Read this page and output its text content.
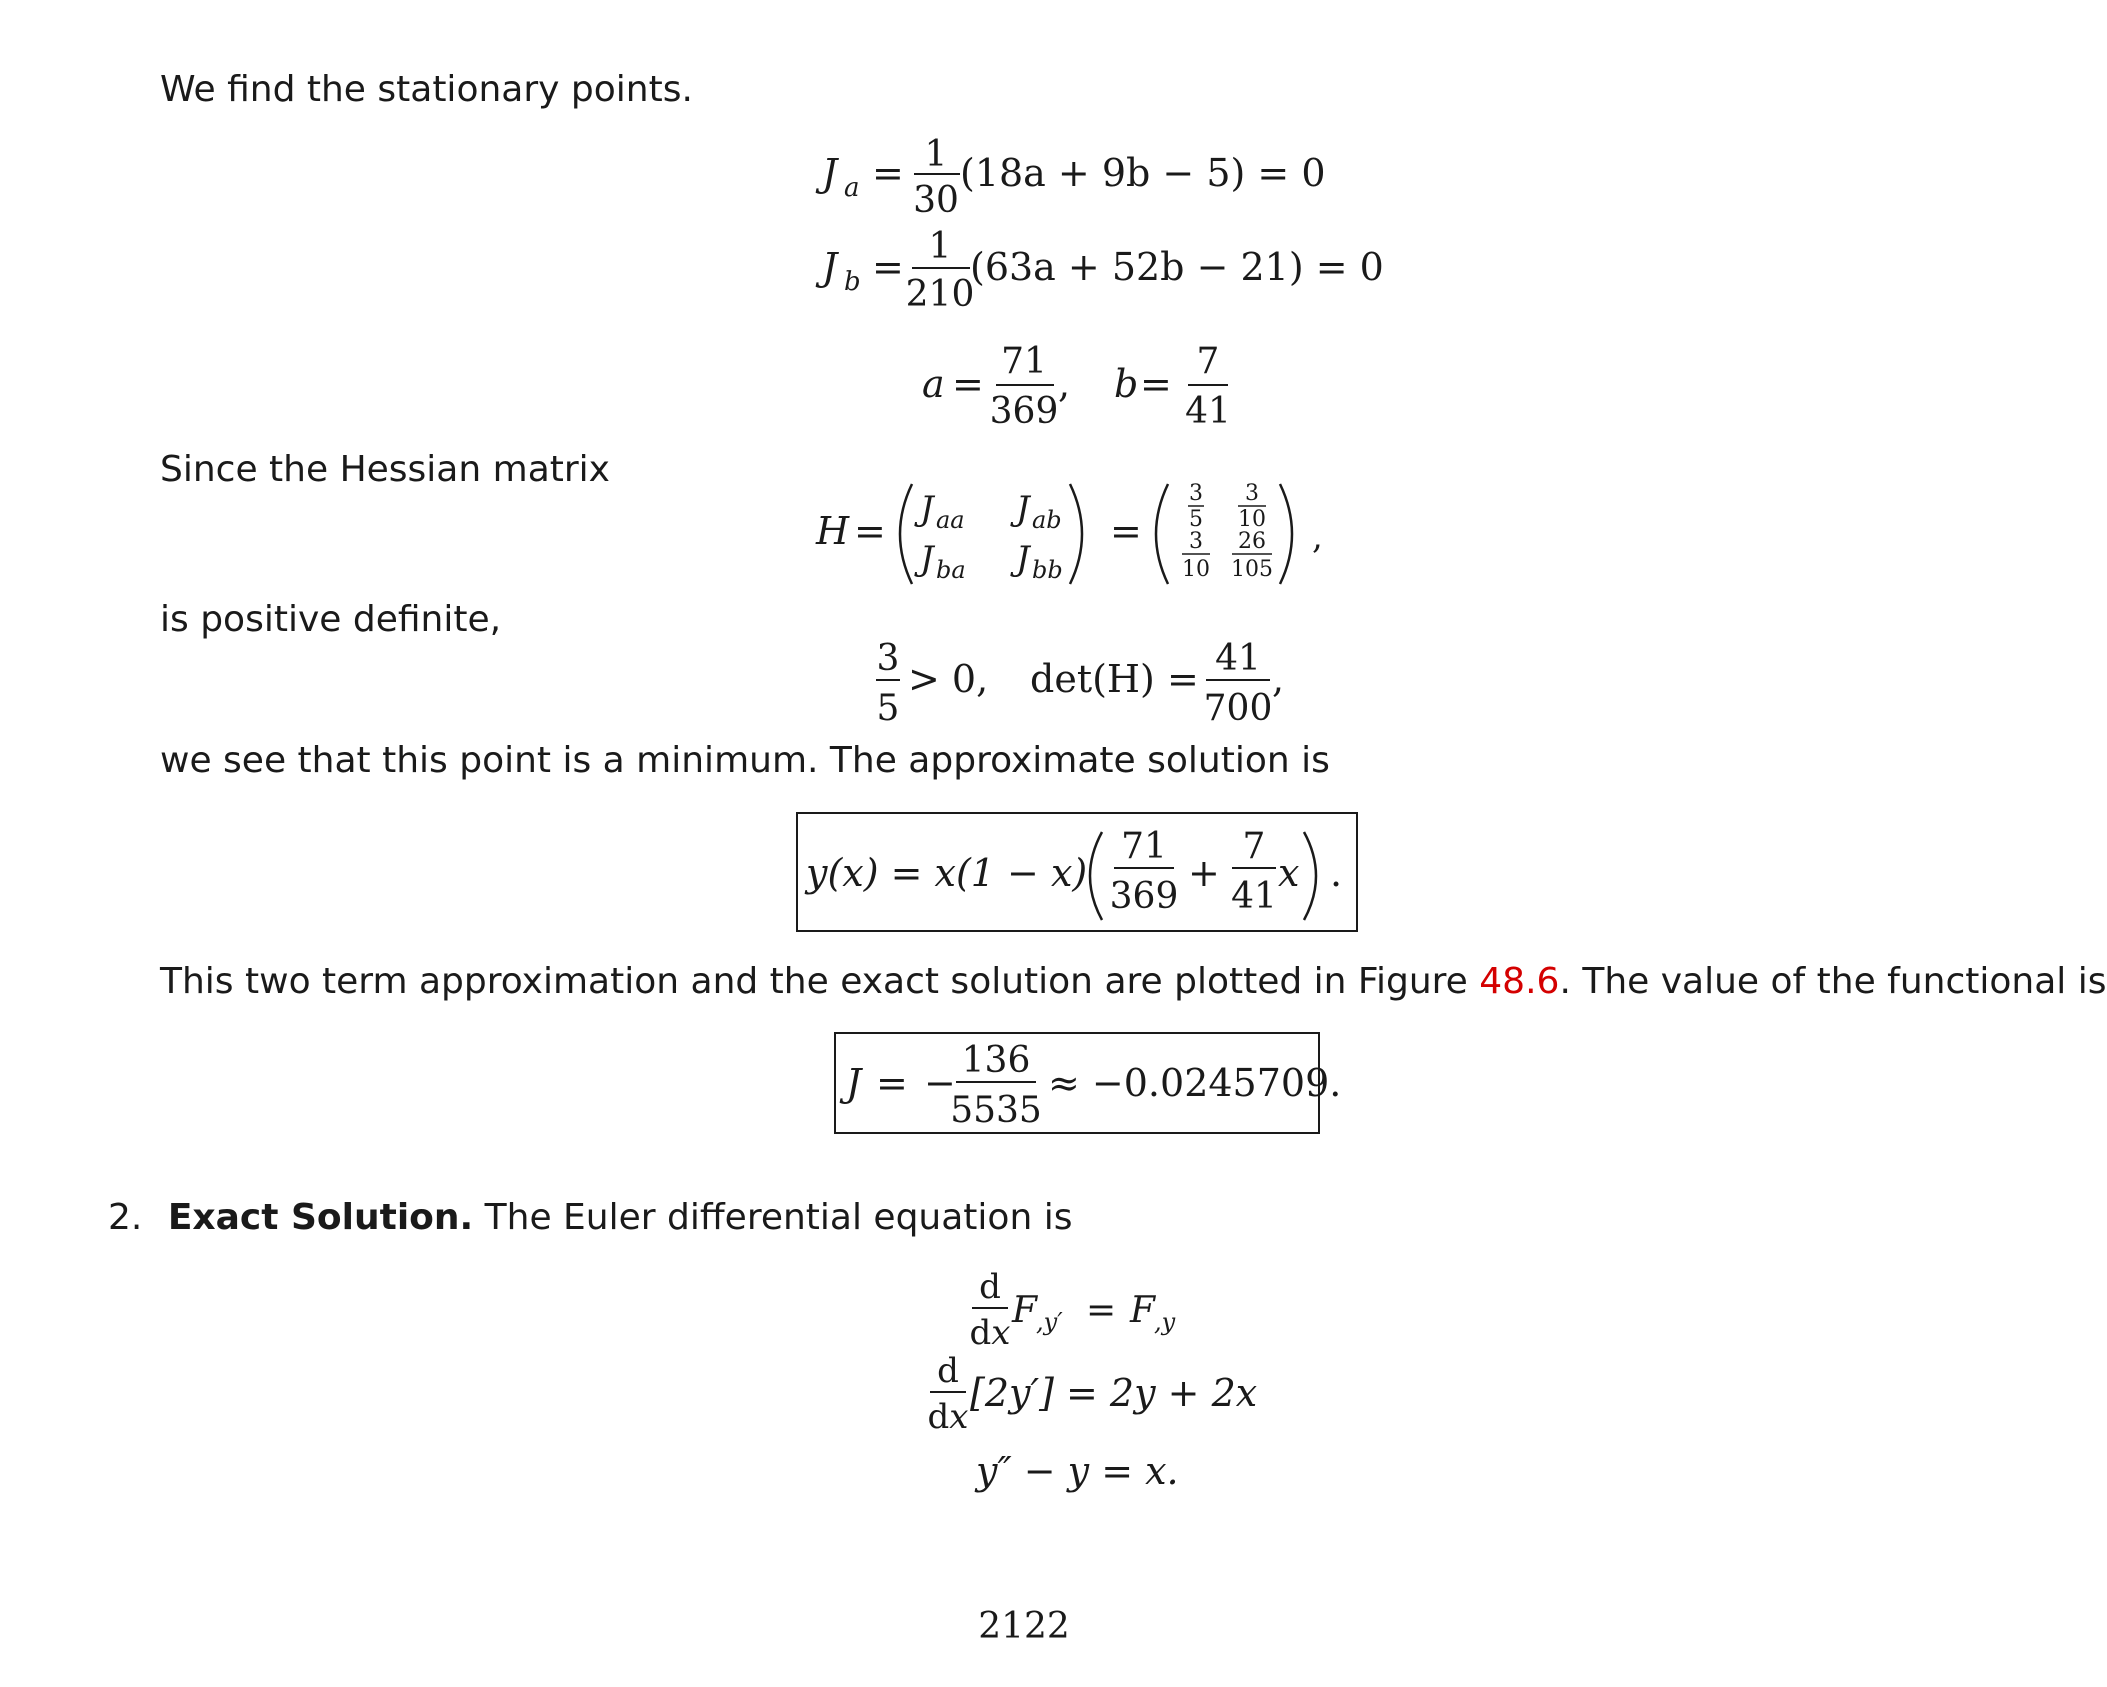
We find the stationary points.
J a = 1
30
(18a + 9b − 5) = 0
J b = 1
210
(63a + 52b − 21) = 0
a =
71
369
, b =
7
41
Since the Hessian matrix
H = J aa J ab
J ba J bb
=
3
5
3
10
3
10
26
105
,
is positive definite,
3
5
> 0, det(H) = 41
700
,
we see that this point is a minimum. The approximate solution is
y(x) = x(1 − x)
71
369
+
7
41
x .
This two term approximation and the exact solution are plotted in Figure 48.6. The value of the functional is
J = −
136
5535
≈ −0.0245709.
2. Exact Solution. The Euler differential equation is
d
dx
F ,y′ = F ,y
d
dx
[2y′] = 2y + 2x
y″ − y = x.
2122
